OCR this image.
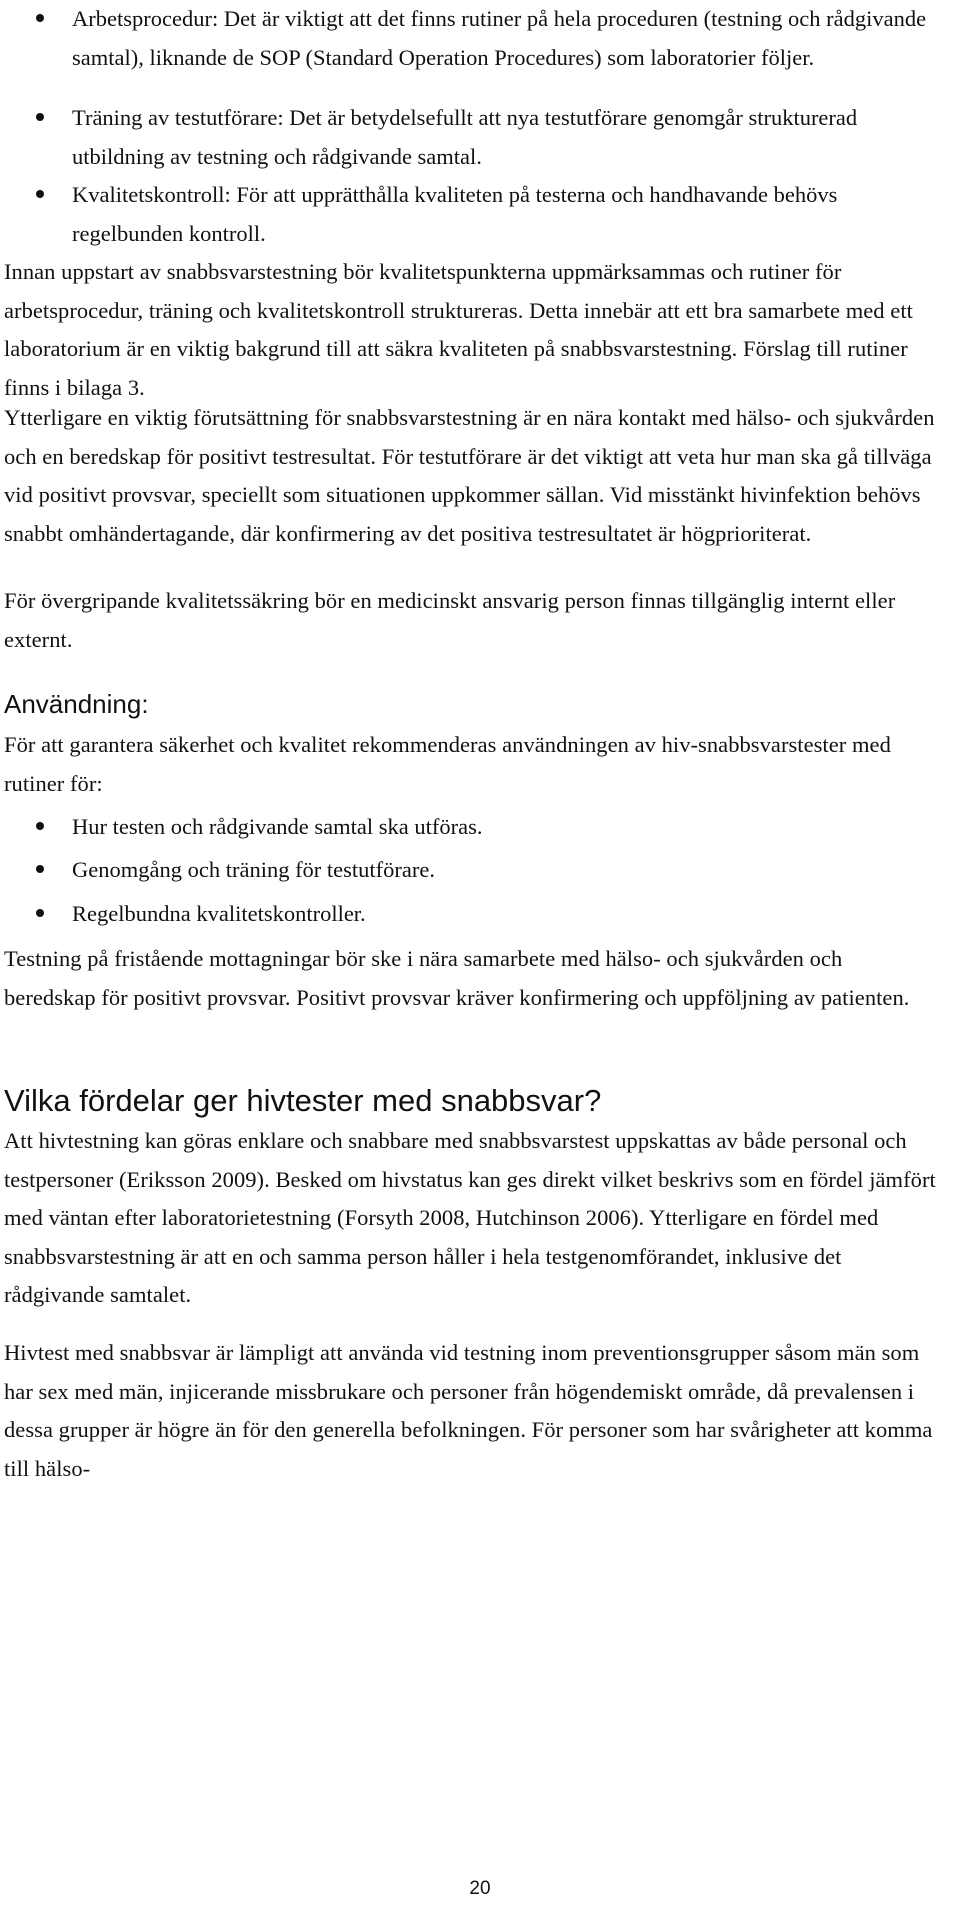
Arbetsprocedur: Det är viktigt att det finns rutiner på hela proceduren (testning och rådgivande samtal), liknande de SOP (Standard Operation Procedures) som laboratorier följer.
Träning av testutförare: Det är betydelsefullt att nya testutförare genomgår strukturerad utbildning av testning och rådgivande samtal.
Kvalitetskontroll: För att upprätthålla kvaliteten på testerna och handhavande behövs regelbunden kontroll.

Innan uppstart av snabbsvarstestning bör kvalitetspunkterna uppmärksammas och rutiner för arbetsprocedur, träning och kvalitetskontroll struktureras. Detta innebär att ett bra samarbete med ett laboratorium är en viktig bakgrund till att säkra kvaliteten på snabbsvarstestning. Förslag till rutiner finns i bilaga 3.

Ytterligare en viktig förutsättning för snabbsvarstestning är en nära kontakt med hälso- och sjukvården och en beredskap för positivt testresultat. För testutförare är det viktigt att veta hur man ska gå tillväga vid positivt provsvar, speciellt som situationen uppkommer sällan. Vid misstänkt hivinfektion behövs snabbt omhändertagande, där konfirmering av det positiva testresultatet är högprioriterat.

För övergripande kvalitetssäkring bör en medicinskt ansvarig person finnas tillgänglig internt eller externt.

Användning:

För att garantera säkerhet och kvalitet rekommenderas användningen av hiv-snabbsvarstester med rutiner för:

Hur testen och rådgivande samtal ska utföras.
Genomgång och träning för testutförare.
Regelbundna kvalitetskontroller.

Testning på fristående mottagningar bör ske i nära samarbete med hälso- och sjukvården och beredskap för positivt provsvar. Positivt provsvar kräver konfirmering och uppföljning av patienten.

Vilka fördelar ger hivtester med snabbsvar?

Att hivtestning kan göras enklare och snabbare med snabbsvarstest uppskattas av både personal och testpersoner (Eriksson 2009). Besked om hivstatus kan ges direkt vilket beskrivs som en fördel jämfört med väntan efter laboratorietestning (Forsyth 2008, Hutchinson 2006). Ytterligare en fördel med snabbsvarstestning är att en och samma person håller i hela testgenomförandet, inklusive det rådgivande samtalet.

Hivtest med snabbsvar är lämpligt att använda vid testning inom preventionsgrupper såsom män som har sex med män, injicerande missbrukare och personer från högendemiskt område, då prevalensen i dessa grupper är högre än för den generella befolkningen. För personer som har svårigheter att komma till hälso-

20
